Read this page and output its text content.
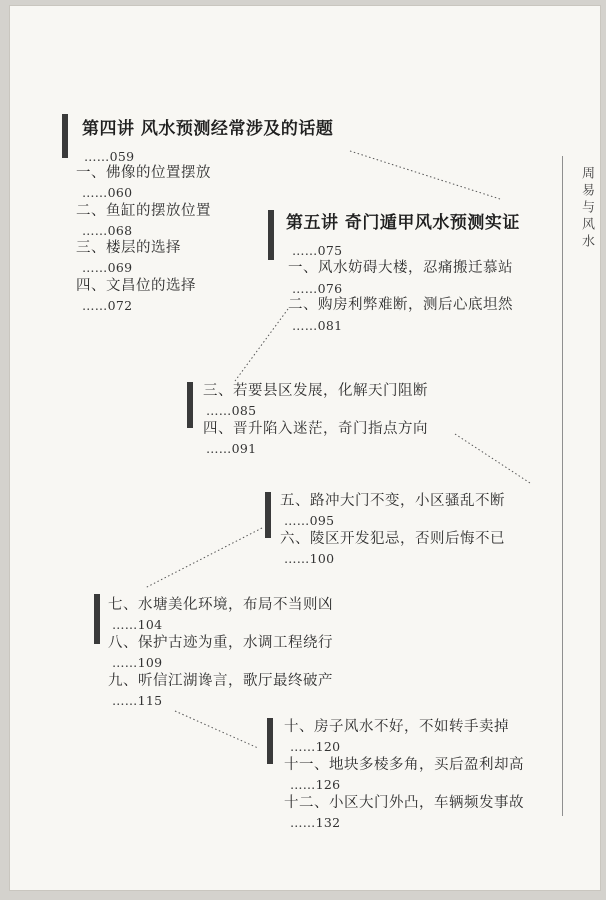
周易与风水
第四讲 风水预测经常涉及的话题
……059
一、佛像的位置摆放
……060
二、鱼缸的摆放位置
……068
三、楼层的选择
……069
四、文昌位的选择
……072
第五讲 奇门遁甲风水预测实证
……075
一、风水妨碍大楼，忍痛搬迁慕站
……076
二、购房利弊难断，测后心底坦然
……081
三、若要县区发展，化解天门阻断
……085
四、晋升陷入迷茫，奇门指点方向
……091
五、路冲大门不变，小区骚乱不断
……095
六、陵区开发犯忌，否则后悔不已
……100
七、水塘美化环境，布局不当则凶
……104
八、保护古迹为重，水调工程绕行
……109
九、听信江湖谗言，歌厅最终破产
……115
十、房子风水不好，不如转手卖掉
……120
十一、地块多棱多角，买后盈利却高
……126
十二、小区大门外凸，车辆频发事故
……132
